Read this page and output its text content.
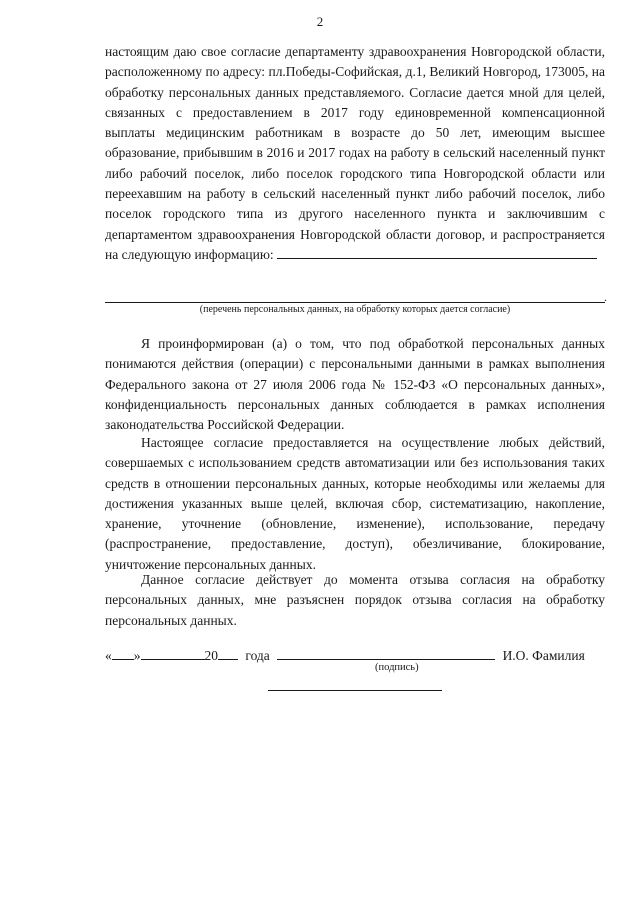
2

настоящим даю свое согласие департаменту здравоохранения Новгородской области, расположенному по адресу: пл.Победы-Софийская, д.1, Великий Новгород, 173005, на обработку персональных данных представляемого. Согласие дается мной для целей, связанных с предоставлением в 2017 году единовременной компенсационной выплаты медицинским работникам в возрасте до 50 лет, имеющим высшее образование, прибывшим в 2016 и 2017 годах на работу в сельский населенный пункт либо рабочий поселок, либо поселок городского типа Новгородской области или переехавшим на работу в сельский населенный пункт либо рабочий поселок, либо поселок городского типа из другого населенного пункта и заключившим с департаментом здравоохранения Новгородской области договор, и распространяется на следующую информацию:

.
(перечень персональных данных, на обработку которых дается согласие)

Я проинформирован (а) о том, что под обработкой персональных данных понимаются действия (операции) с персональными данными в рамках выполнения Федерального закона от 27 июля 2006 года № 152-ФЗ «О персональных данных», конфиденциальность персональных данных соблюдается в рамках исполнения законодательства Российской Федерации.

Настоящее согласие предоставляется на осуществление любых действий, совершаемых с использованием средств автоматизации или без использования таких средств в отношении персональных данных, которые необходимы или желаемы для достижения указанных выше целей, включая сбор, систематизацию, накопление, хранение, уточнение (обновление, изменение), использование, передачу (распространение, предоставление, доступ), обезличивание, блокирование, уничтожение персональных данных.

Данное согласие действует до момента отзыва согласия на обработку персональных данных, мне разъяснен порядок отзыва согласия на обработку персональных данных.

« »	20 года	И.О. Фамилия
(подпись)
